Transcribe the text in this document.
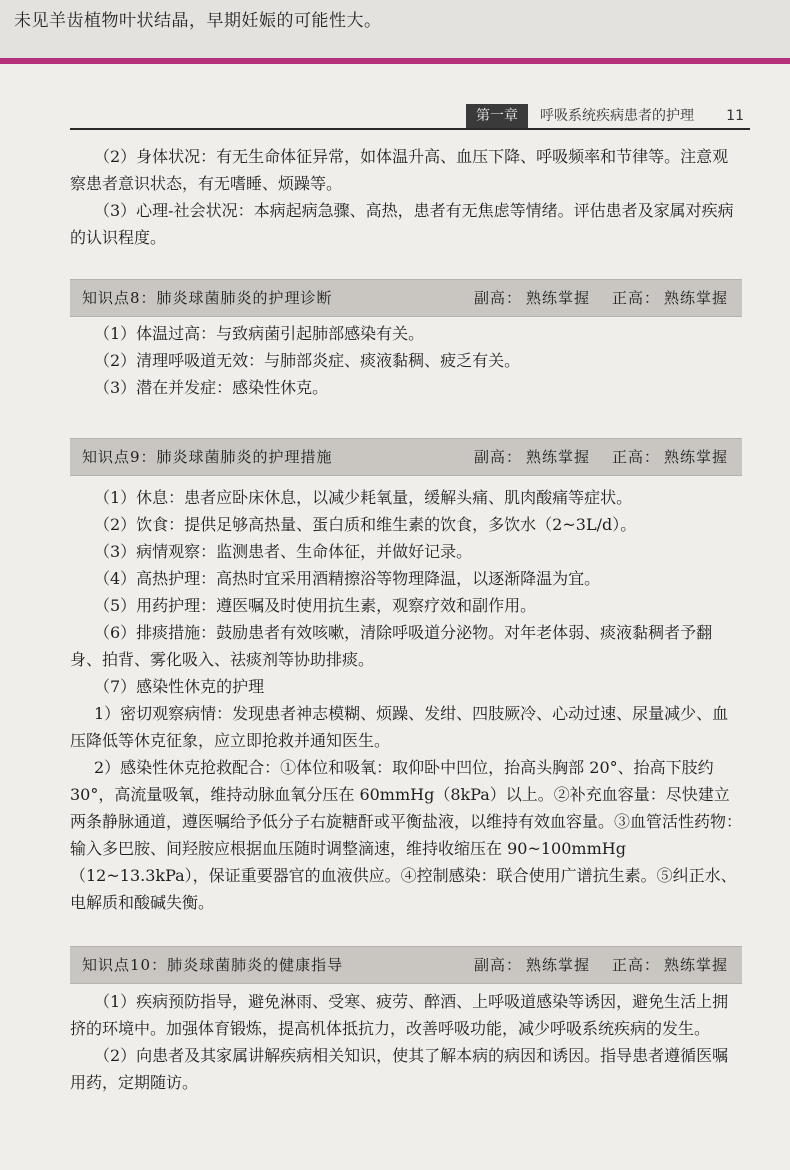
未见羊齿植物叶状结晶，早期妊娠的可能性大。
第一章	呼吸系统疾病患者的护理 11

（2）身体状况：有无生命体征异常，如体温升高、血压下降、呼吸频率和节律等。注意观察患者意识状态，有无嗜睡、烦躁等。

（3）心理-社会状况：本病起病急骤、高热，患者有无焦虑等情绪。评估患者及家属对疾病的认识程度。

知识点8：肺炎球菌肺炎的护理诊断	副高： 熟练掌握 正高： 熟练掌握

（1）体温过高：与致病菌引起肺部感染有关。

（2）清理呼吸道无效：与肺部炎症、痰液黏稠、疲乏有关。

（3）潜在并发症：感染性休克。

知识点9：肺炎球菌肺炎的护理措施	副高： 熟练掌握 正高： 熟练掌握

（1）休息：患者应卧床休息，以减少耗氧量，缓解头痛、肌肉酸痛等症状。

（2）饮食：提供足够高热量、蛋白质和维生素的饮食，多饮水（2~3L/d）。

（3）病情观察：监测患者、生命体征，并做好记录。

（4）高热护理：高热时宜采用酒精擦浴等物理降温，以逐渐降温为宜。

（5）用药护理：遵医嘱及时使用抗生素，观察疗效和副作用。

（6）排痰措施：鼓励患者有效咳嗽，清除呼吸道分泌物。对年老体弱、痰液黏稠者予翻身、拍背、雾化吸入、祛痰剂等协助排痰。

（7）感染性休克的护理

1）密切观察病情：发现患者神志模糊、烦躁、发绀、四肢厥冷、心动过速、尿量减少、血压降低等休克征象，应立即抢救并通知医生。

2）感染性休克抢救配合：①体位和吸氧：取仰卧中凹位，抬高头胸部 20°、抬高下肢约 30°，高流量吸氧，维持动脉血氧分压在 60mmHg（8kPa）以上。②补充血容量：尽快建立两条静脉通道，遵医嘱给予低分子右旋糖酐或平衡盐液，以维持有效血容量。③血管活性药物：输入多巴胺、间羟胺应根据血压随时调整滴速，维持收缩压在 90~100mmHg（12~13.3kPa），保证重要器官的血液供应。④控制感染：联合使用广谱抗生素。⑤纠正水、电解质和酸碱失衡。

知识点10：肺炎球菌肺炎的健康指导	副高： 熟练掌握 正高： 熟练掌握

（1）疾病预防指导，避免淋雨、受寒、疲劳、醉酒、上呼吸道感染等诱因，避免生活上拥挤的环境中。加强体育锻炼，提高机体抵抗力，改善呼吸功能，减少呼吸系统疾病的发生。

（2）向患者及其家属讲解疾病相关知识，使其了解本病的病因和诱因。指导患者遵循医嘱用药，定期随访。
